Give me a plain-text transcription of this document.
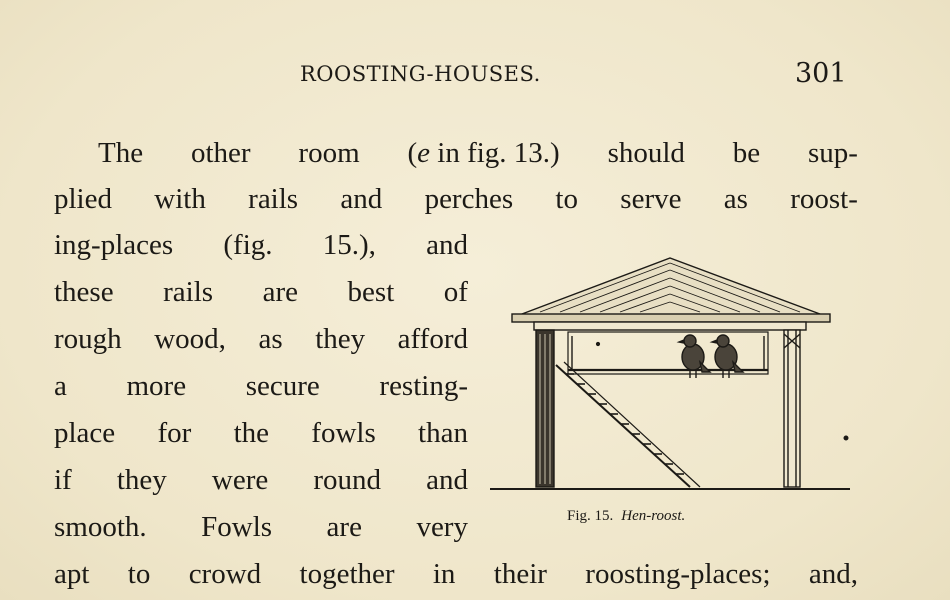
ROOSTING-HOUSES.	301
The other room (e in fig. 13.) should be sup-
plied with rails and perches to serve as roost-
ing-places (fig. 15.), and
these rails are best of
rough wood, as they afford
a more secure resting-
place for the fowls than
if they were round and
smooth. Fowls are very
apt to crowd together in their roosting-places; and,
Fig. 15. Hen-roost.
